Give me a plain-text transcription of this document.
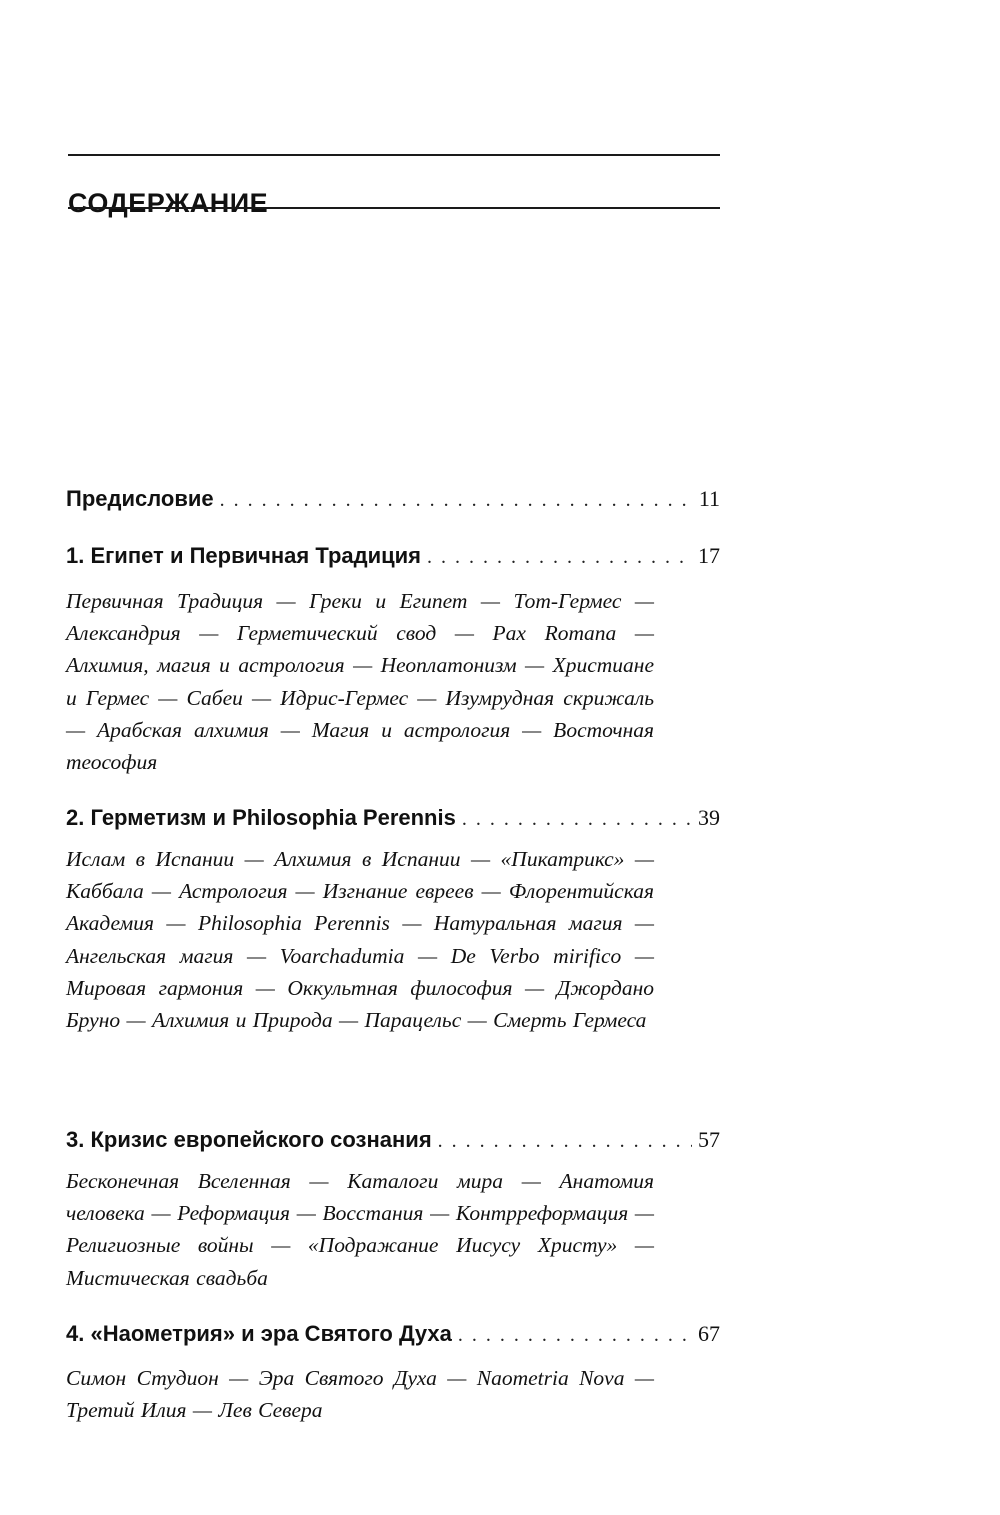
СОДЕРЖАНИЕ
Предисловие . . .	11
1. Египет и Первичная Традиция . . .	17

Первичная Традиция — Греки и Египет — Тот-Гермес — Александрия — Герметический свод — Pax Romana — Алхимия, магия и астрология — Неоплатонизм — Христиане и Гермес — Сабеи — Идрис-Гермес — Изумрудная скрижаль — Арабская алхимия — Магия и астрология — Восточная теософия

2. Герметизм и Philosophia Perennis . . .	39

Ислам в Испании — Алхимия в Испании — «Пикатрикс» — Каббала — Астрология — Изгнание евреев — Флорентийская Академия — Philosophia Perennis — Натуральная магия — Ангельская магия — Voarchadumia — De Verbo mirifico — Мировая гармония — Оккультная философия — Джордано Бруно — Алхимия и Природа — Парацельс — Смерть Гермеса

3. Кризис европейского сознания . . .	57

Бесконечная Вселенная — Каталоги мира — Анатомия человека — Реформация — Восстания — Контрреформация — Религиозные войны — «Подражание Иисусу Христу» — Мистическая свадьба

4. «Наометрия» и эра Святого Духа . . .	67

Симон Студион — Эра Святого Духа — Naometria Nova — Третий Илия — Лев Севера
